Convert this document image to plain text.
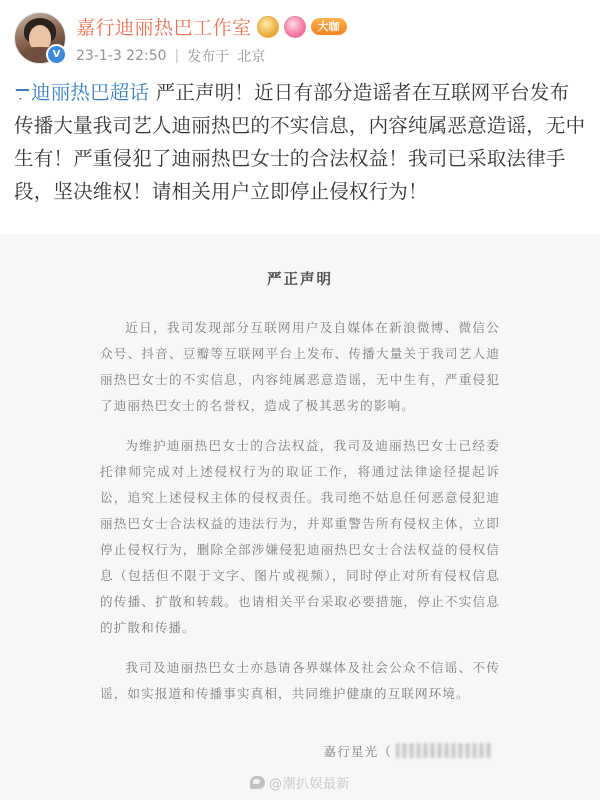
V
嘉行迪丽热巴工作室	大咖
23-1-3 22:50 | 发布于 北京
迪丽热巴超话 严正声明！近日有部分造谣者在互联网平台发布传播大量我司艺人迪丽热巴的不实信息，内容纯属恶意造谣，无中生有！严重侵犯了迪丽热巴女士的合法权益！我司已采取法律手段，坚决维权！请相关用户立即停止侵权行为！
严正声明

近日，我司发现部分互联网用户及自媒体在新浪微博、微信公众号、抖音、豆瓣等互联网平台上发布、传播大量关于我司艺人迪丽热巴女士的不实信息，内容纯属恶意造谣，无中生有，严重侵犯了迪丽热巴女士的名誉权，造成了极其恶劣的影响。

为维护迪丽热巴女士的合法权益，我司及迪丽热巴女士已经委托律师完成对上述侵权行为的取证工作，将通过法律途径提起诉讼，追究上述侵权主体的侵权责任。我司绝不姑息任何恶意侵犯迪丽热巴女士合法权益的违法行为，并郑重警告所有侵权主体，立即停止侵权行为，删除全部涉嫌侵犯迪丽热巴女士合法权益的侵权信息（包括但不限于文字、图片或视频），同时停止对所有侵权信息的传播、扩散和转载。也请相关平台采取必要措施，停止不实信息的扩散和传播。

我司及迪丽热巴女士亦恳请各界媒体及社会公众不信谣、不传谣，如实报道和传播事实真相，共同维护健康的互联网环境。

嘉行星光（
@潮扒娱最新
